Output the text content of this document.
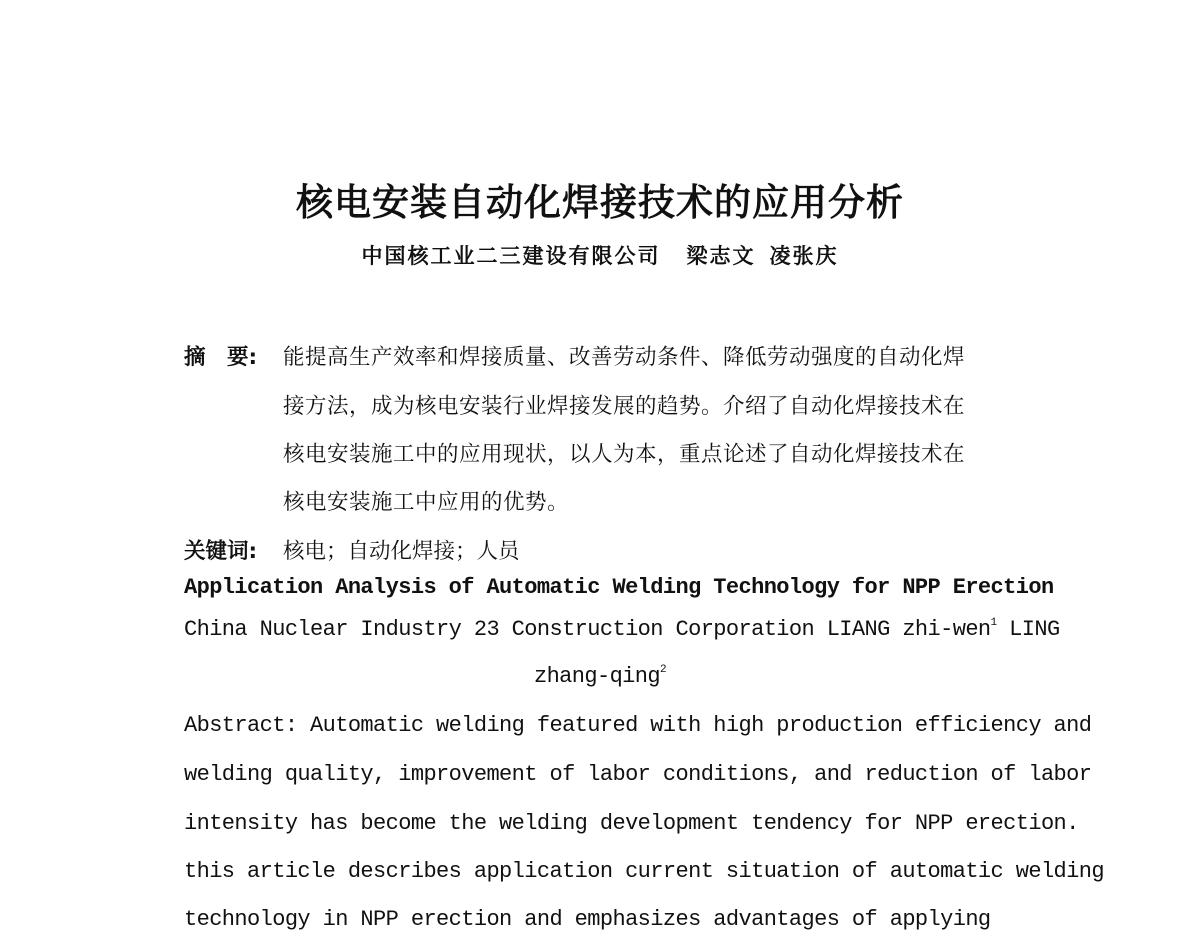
核电安装自动化焊接技术的应用分析
中国核工业二三建设有限公司 梁志文 凌张庆
摘　要: 能提高生产效率和焊接质量、改善劳动条件、降低劳动强度的自动化焊
接方法，成为核电安装行业焊接发展的趋势。介绍了自动化焊接技术在
核电安装施工中的应用现状，以人为本，重点论述了自动化焊接技术在
核电安装施工中应用的优势。
关键词: 核电；自动化焊接；人员
Application Analysis of Automatic Welding Technology for NPP Erection
China Nuclear Industry 23 Construction Corporation LIANG zhi-wen$^1$ LING
zhang-qing$^2$
Abstract: Automatic welding featured with high production efficiency and
welding quality, improvement of labor conditions, and reduction of labor
intensity has become the welding development tendency for NPP erection.
this article describes application current situation of automatic welding
technology in NPP erection and emphasizes advantages of applying
